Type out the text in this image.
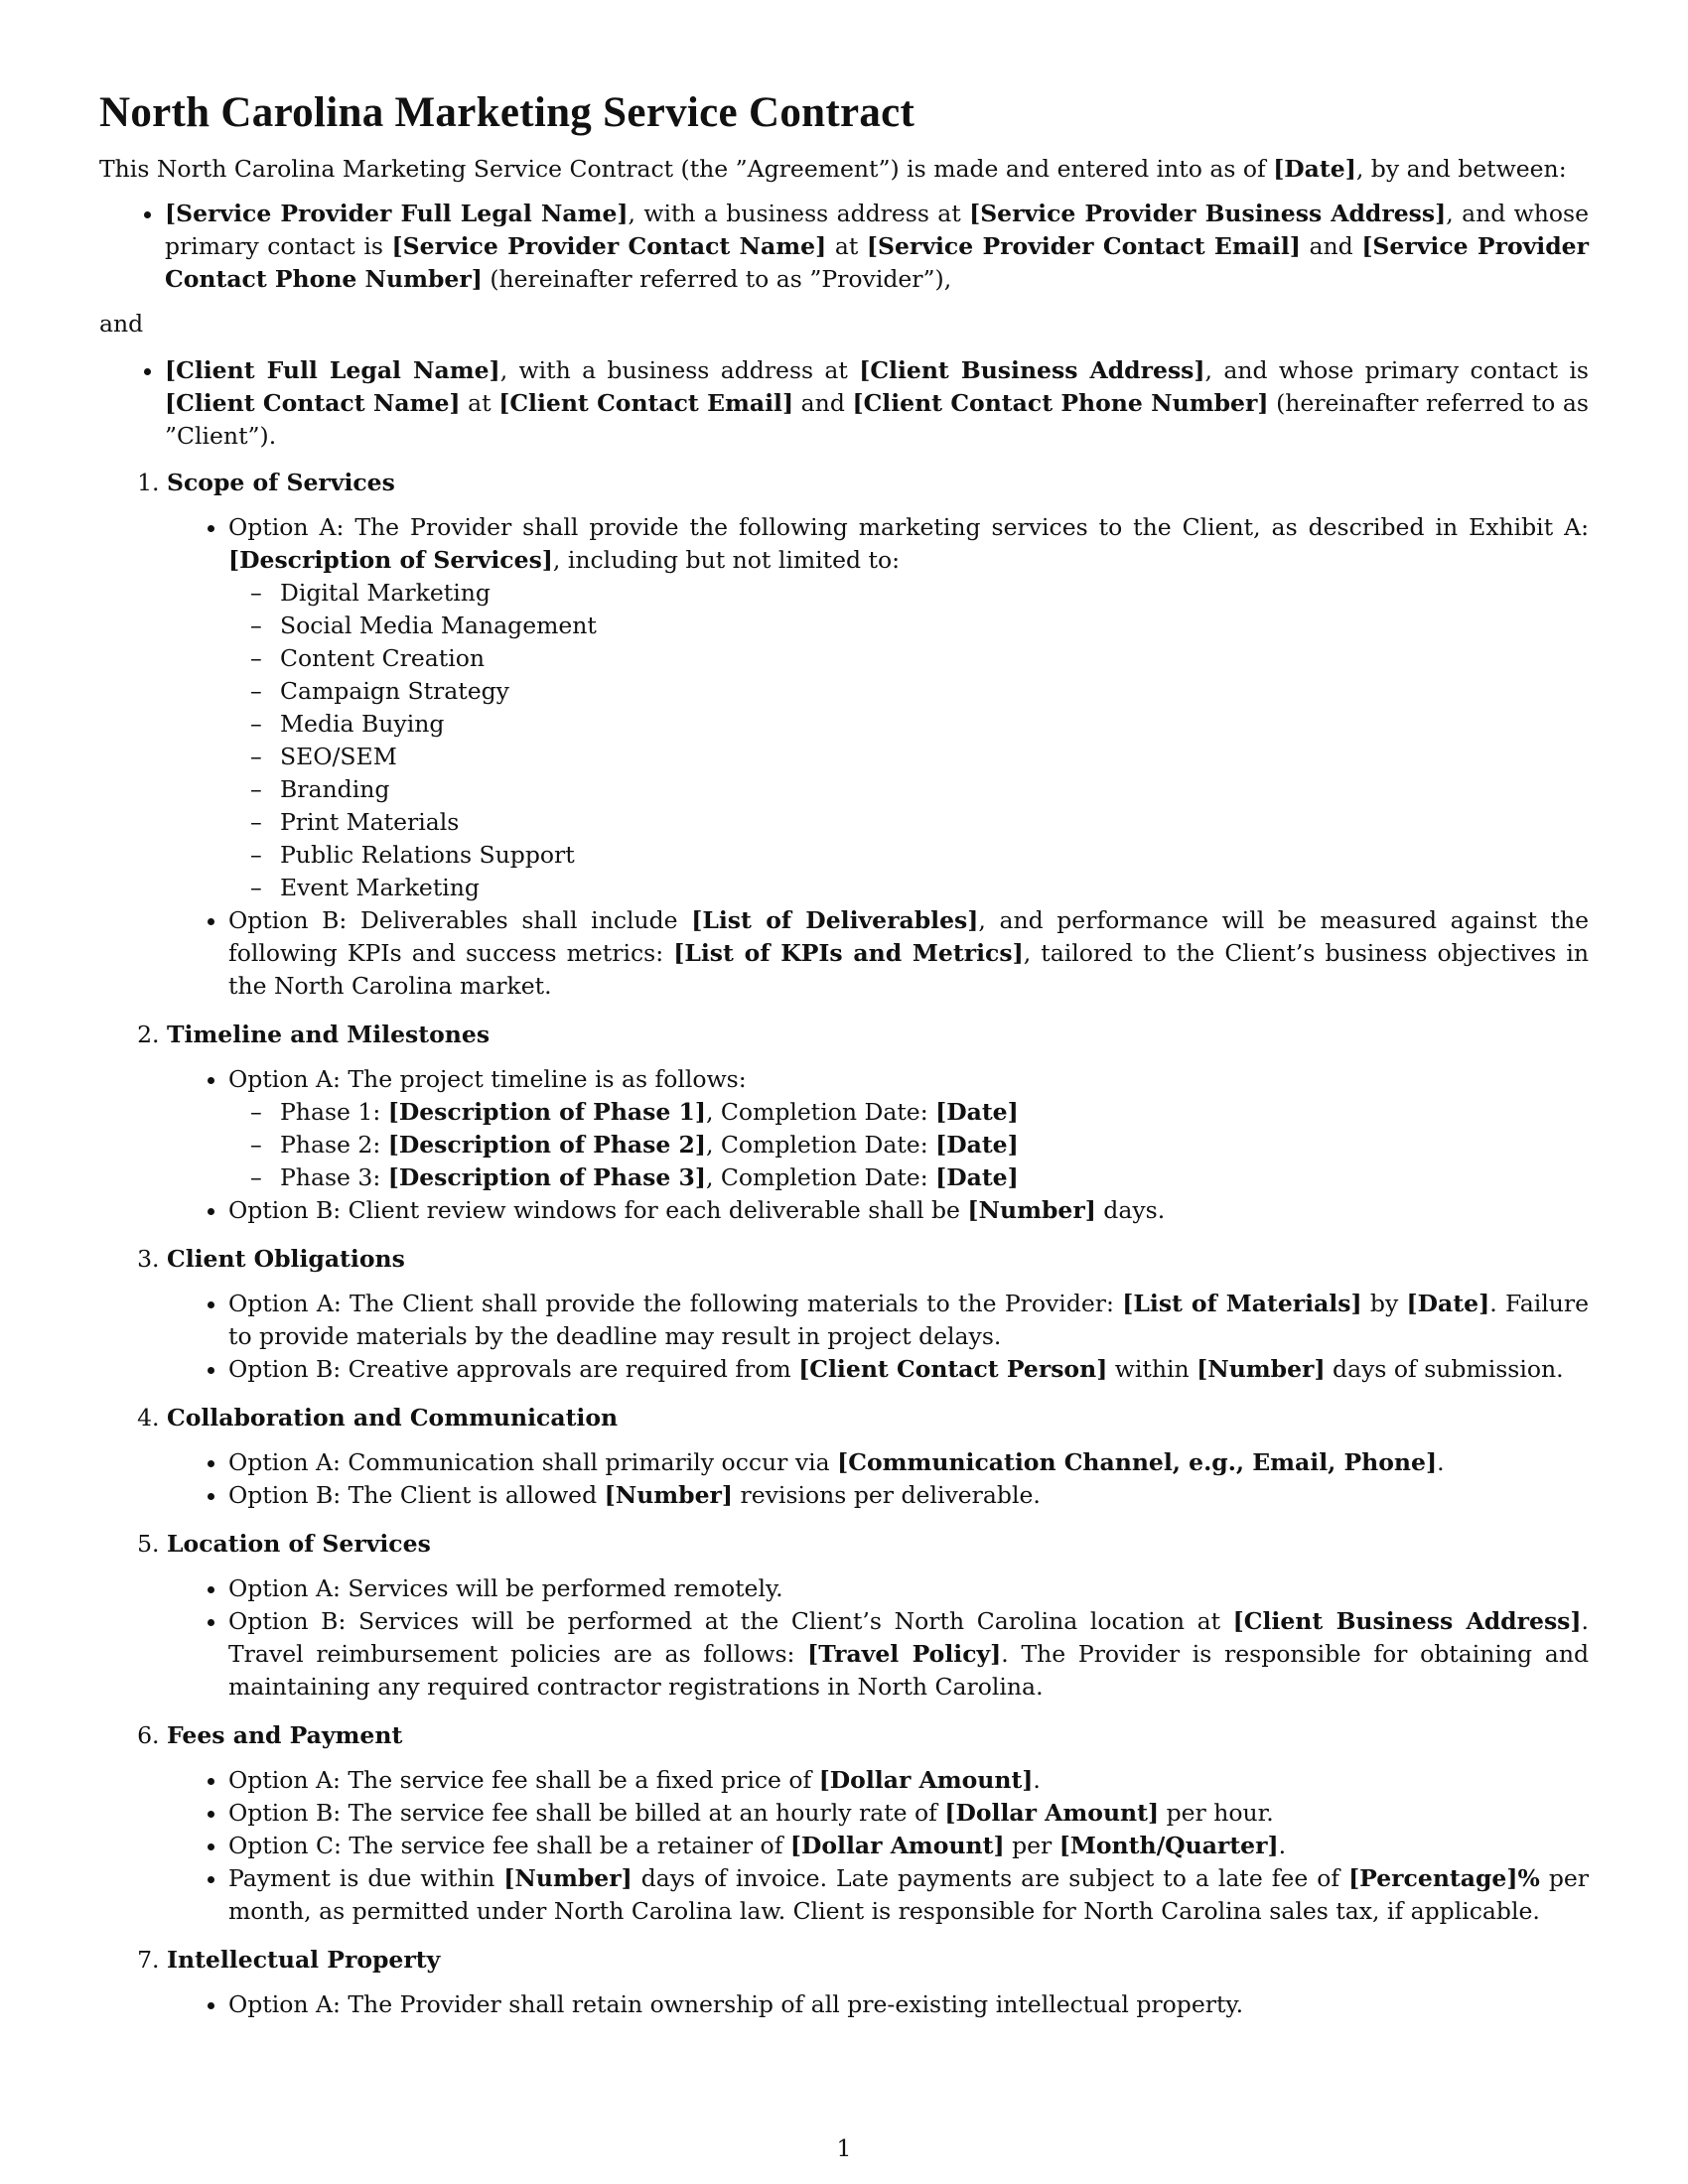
North Carolina Marketing Service Contract

This North Carolina Marketing Service Contract (the ”Agreement”) is made and entered into as of [Date], by and between:

• [Service Provider Full Legal Name], with a business address at [Service Provider Business Address], and whose primary contact is [Service Provider Contact Name] at [Service Provider Contact Email] and [Service Provider Contact Phone Number] (hereinafter referred to as ”Provider”),

and

• [Client Full Legal Name], with a business address at [Client Business Address], and whose primary contact is [Client Contact Name] at [Client Contact Email] and [Client Contact Phone Number] (hereinafter referred to as ”Client”).
1. Scope of Services
• Option A: The Provider shall provide the following marketing services to the Client, as described in Exhibit A: [Description of Services], including but not limited to:
– Digital Marketing
– Social Media Management
– Content Creation
– Campaign Strategy
– Media Buying
– SEO/SEM
– Branding
– Print Materials
– Public Relations Support
– Event Marketing
• Option B: Deliverables shall include [List of Deliverables], and performance will be measured against the following KPIs and success metrics: [List of KPIs and Metrics], tailored to the Client’s business objectives in the North Carolina market.
2. Timeline and Milestones
• Option A: The project timeline is as follows:
– Phase 1: [Description of Phase 1], Completion Date: [Date]
– Phase 2: [Description of Phase 2], Completion Date: [Date]
– Phase 3: [Description of Phase 3], Completion Date: [Date]
• Option B: Client review windows for each deliverable shall be [Number] days.
3. Client Obligations
• Option A: The Client shall provide the following materials to the Provider: [List of Materials] by [Date]. Failure to provide materials by the deadline may result in project delays.
• Option B: Creative approvals are required from [Client Contact Person] within [Number] days of submission.
4. Collaboration and Communication
• Option A: Communication shall primarily occur via [Communication Channel, e.g., Email, Phone].
• Option B: The Client is allowed [Number] revisions per deliverable.
5. Location of Services
• Option A: Services will be performed remotely.
• Option B: Services will be performed at the Client’s North Carolina location at [Client Business Address]. Travel reimbursement policies are as follows: [Travel Policy]. The Provider is responsible for obtaining and maintaining any required contractor registrations in North Carolina.
6. Fees and Payment
• Option A: The service fee shall be a fixed price of [Dollar Amount].
• Option B: The service fee shall be billed at an hourly rate of [Dollar Amount] per hour.
• Option C: The service fee shall be a retainer of [Dollar Amount] per [Month/Quarter].
• Payment is due within [Number] days of invoice. Late payments are subject to a late fee of [Percentage]% per month, as permitted under North Carolina law. Client is responsible for North Carolina sales tax, if applicable.
7. Intellectual Property
• Option A: The Provider shall retain ownership of all pre-existing intellectual property.
1
